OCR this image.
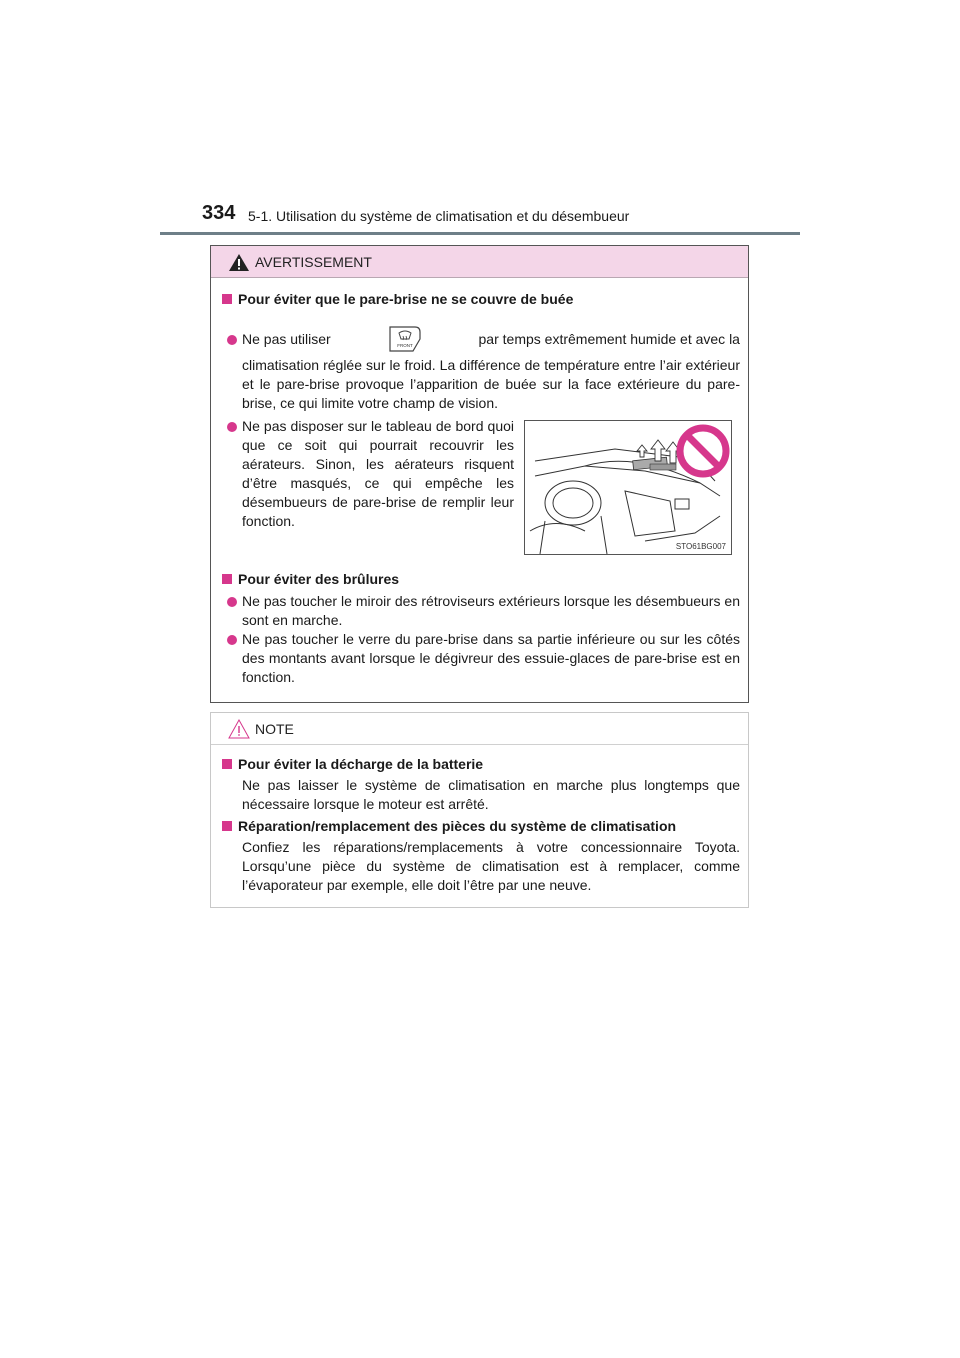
334 5-1. Utilisation du système de climatisation et du désembueur
AVERTISSEMENT
Pour éviter que le pare-brise ne se couvre de buée
Ne pas utiliser	FRONT	par temps extrêmement humide et avec la
climatisation réglée sur le froid. La différence de température entre l’air extérieur et le pare-brise provoque l’apparition de buée sur la face extérieure du pare-brise, ce qui limite votre champ de vision.
Ne pas disposer sur le tableau de bord quoi que ce soit qui pourrait recouvrir les aérateurs. Sinon, les aérateurs risquent d’être masqués, ce qui empêche les désembueurs de pare-brise de remplir leur fonction.
STO61BG007
Pour éviter des brûlures
Ne pas toucher le miroir des rétroviseurs extérieurs lorsque les désembueurs en sont en marche.
Ne pas toucher le verre du pare-brise dans sa partie inférieure ou sur les côtés des montants avant lorsque le dégivreur des essuie-glaces de pare-brise est en fonction.
NOTE
Pour éviter la décharge de la batterie
Ne pas laisser le système de climatisation en marche plus longtemps que nécessaire lorsque le moteur est arrêté.
Réparation/remplacement des pièces du système de climatisation
Confiez les réparations/remplacements à votre concessionnaire Toyota. Lorsqu’une pièce du système de climatisation est à remplacer, comme l’évaporateur par exemple, elle doit l’être par une neuve.
